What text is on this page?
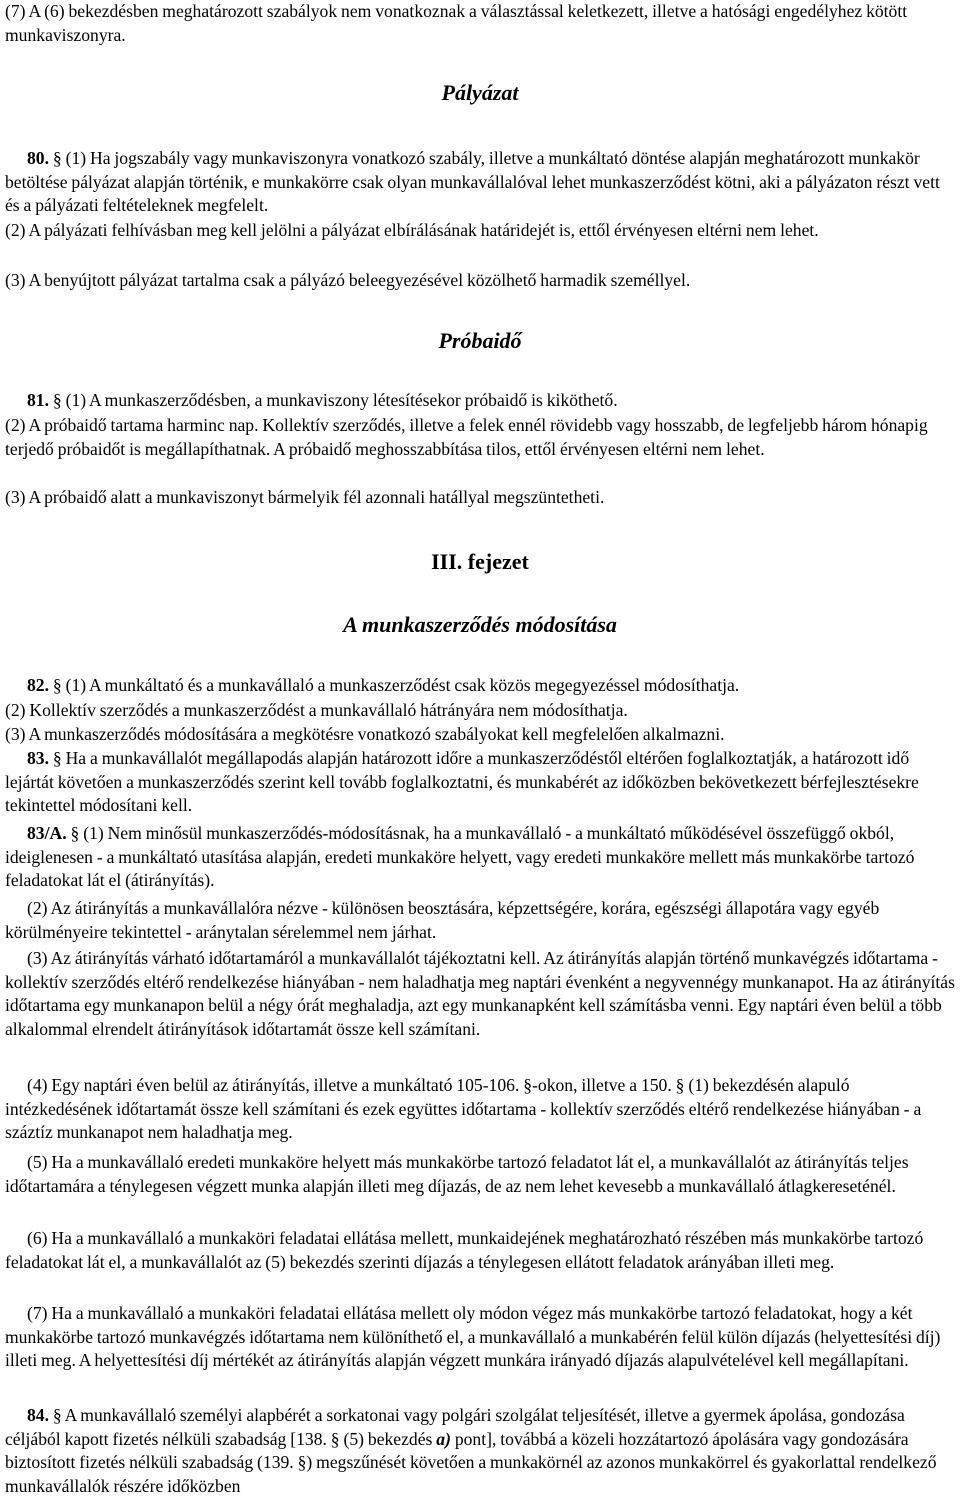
(7) A (6) bekezdésben meghatározott szabályok nem vonatkoznak a választással keletkezett, illetve a hatósági engedélyhez kötött munkaviszonyra.
Pályázat
80. § (1) Ha jogszabály vagy munkaviszonyra vonatkozó szabály, illetve a munkáltató döntése alapján meghatározott munkakör betöltése pályázat alapján történik, e munkakörre csak olyan munkavállalóval lehet munkaszerződést kötni, aki a pályázaton részt vett és a pályázati feltételeknek megfelelt.
(2) A pályázati felhívásban meg kell jelölni a pályázat elbírálásának határidejét is, ettől érvényesen eltérni nem lehet.
(3) A benyújtott pályázat tartalma csak a pályázó beleegyezésével közölhető harmadik személlyel.
Próbaidő
81. § (1) A munkaszerződésben, a munkaviszony létesítésekor próbaidő is kiköthető.
(2) A próbaidő tartama harminc nap. Kollektív szerződés, illetve a felek ennél rövidebb vagy hosszabb, de legfeljebb három hónapig terjedő próbaidőt is megállapíthatnak. A próbaidő meghosszabbítása tilos, ettől érvényesen eltérni nem lehet.
(3) A próbaidő alatt a munkaviszonyt bármelyik fél azonnali hatállyal megszüntetheti.
III. fejezet
A munkaszerződés módosítása
82. § (1) A munkáltató és a munkavállaló a munkaszerződést csak közös megegyezéssel módosíthatja.
(2) Kollektív szerződés a munkaszerződést a munkavállaló hátrányára nem módosíthatja.
(3) A munkaszerződés módosítására a megkötésre vonatkozó szabályokat kell megfelelően alkalmazni.
83. § Ha a munkavállalót megállapodás alapján határozott időre a munkaszerződéstől eltérően foglalkoztatják, a határozott idő lejártát követően a munkaszerződés szerint kell tovább foglalkoztatni, és munkabérét az időközben bekövetkezett bérfejlesztésekre tekintettel módosítani kell.
83/A. § (1) Nem minősül munkaszerződés-módosításnak, ha a munkavállaló - a munkáltató működésével összefüggő okból, ideiglenesen - a munkáltató utasítása alapján, eredeti munkaköre helyett, vagy eredeti munkaköre mellett más munkakörbe tartozó feladatokat lát el (átirányítás).
(2) Az átirányítás a munkavállalóra nézve - különösen beosztására, képzettségére, korára, egészségi állapotára vagy egyéb körülményeire tekintettel - aránytalan sérelemmel nem járhat.
(3) Az átirányítás várható időtartamáról a munkavállalót tájékoztatni kell. Az átirányítás alapján történő munkavégzés időtartama - kollektív szerződés eltérő rendelkezése hiányában - nem haladhatja meg naptári évenként a negyvennégy munkanapot. Ha az átirányítás időtartama egy munkanapon belül a négy órát meghaladja, azt egy munkanapként kell számításba venni. Egy naptári éven belül a több alkalommal elrendelt átirányítások időtartamát össze kell számítani.
(4) Egy naptári éven belül az átirányítás, illetve a munkáltató 105-106. §-okon, illetve a 150. § (1) bekezdésén alapuló intézkedésének időtartamát össze kell számítani és ezek együttes időtartama - kollektív szerződés eltérő rendelkezése hiányában - a száztíz munkanapot nem haladhatja meg.
(5) Ha a munkavállaló eredeti munkaköre helyett más munkakörbe tartozó feladatot lát el, a munkavállalót az átirányítás teljes időtartamára a ténylegesen végzett munka alapján illeti meg díjazás, de az nem lehet kevesebb a munkavállaló átlagkereseténél.
(6) Ha a munkavállaló a munkaköri feladatai ellátása mellett, munkaidejének meghatározható részében más munkakörbe tartozó feladatokat lát el, a munkavállalót az (5) bekezdés szerinti díjazás a ténylegesen ellátott feladatok arányában illeti meg.
(7) Ha a munkavállaló a munkaköri feladatai ellátása mellett oly módon végez más munkakörbe tartozó feladatokat, hogy a két munkakörbe tartozó munkavégzés időtartama nem különíthető el, a munkavállaló a munkabérén felül külön díjazás (helyettesítési díj) illeti meg. A helyettesítési díj mértékét az átirányítás alapján végzett munkára irányadó díjazás alapulvételével kell megállapítani.
84. § A munkavállaló személyi alapbérét a sorkatonai vagy polgári szolgálat teljesítését, illetve a gyermek ápolása, gondozása céljából kapott fizetés nélküli szabadság [138. § (5) bekezdés a) pont], továbbá a közeli hozzátartozó ápolására vagy gondozására biztosított fizetés nélküli szabadság (139. §) megszűnését követően a munkakörnél az azonos munkakörrel és gyakorlattal rendelkező munkavállalók részére időközben
